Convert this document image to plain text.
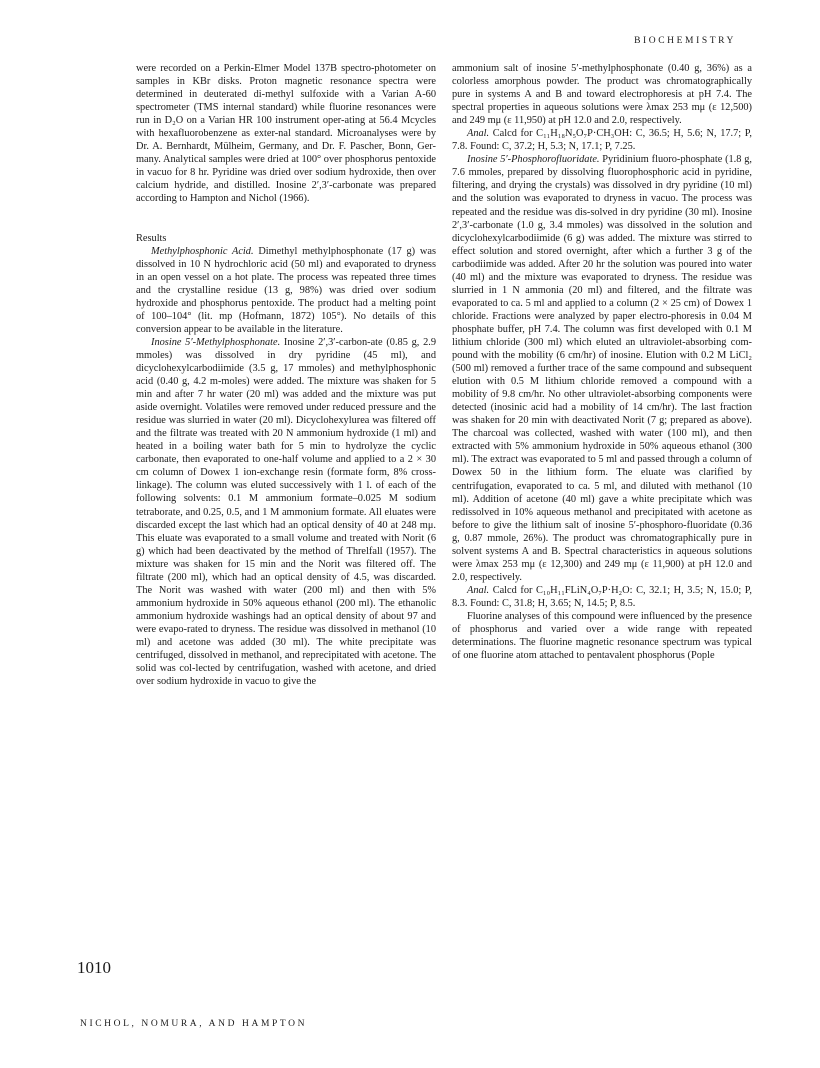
BIOCHEMISTRY

were recorded on a Perkin-Elmer Model 137B spectro-photometer on samples in KBr disks. Proton magnetic resonance spectra were determined in deuterated di-methyl sulfoxide with a Varian A-60 spectrometer (TMS internal standard) while fluorine resonances were run in D₂O on a Varian HR 100 instrument oper-ating at 56.4 Mcycles with hexafluorobenzene as exter-nal standard. Microanalyses were by Dr. A. Bernhardt, Mülheim, Germany, and Dr. F. Pascher, Bonn, Ger-many. Analytical samples were dried at 100° over phosphorus pentoxide in vacuo for 8 hr. Pyridine was dried over sodium hydroxide, then over calcium hydride, and distilled. Inosine 2′,3′-carbonate was prepared according to Hampton and Nichol (1966).

Results

Methylphosphonic Acid. Dimethyl methylphosphonate (17 g) was dissolved in 10 N hydrochloric acid (50 ml) and evaporated to dryness in an open vessel on a hot plate. The process was repeated three times and the crystalline residue (13 g, 98%) was dried over sodium hydroxide and phosphorus pentoxide. The product had a melting point of 100–104° (lit. mp (Hofmann, 1872) 105°). No details of this conversion appear to be available in the literature.

Inosine 5′-Methylphosphonate. Inosine 2′,3′-carbon-ate (0.85 g, 2.9 mmoles) was dissolved in dry pyridine (45 ml), and dicyclohexylcarbodiimide (3.5 g, 17 mmoles) and methylphosphonic acid (0.40 g, 4.2 m-moles) were added. The mixture was shaken for 5 min and after 7 hr water (20 ml) was added and the mixture was put aside overnight. Volatiles were removed under reduced pressure and the residue was slurried in water (20 ml). Dicyclohexylurea was filtered off and the filtrate was treated with 20 N ammonium hydroxide (1 ml) and heated in a boiling water bath for 5 min to hydrolyze the cyclic carbonate, then evaporated to one-half volume and applied to a 2 × 30 cm column of Dowex 1 ion-exchange resin (formate form, 8% cross-linkage). The column was eluted successively with 1 l. of each of the following solvents: 0.1 M ammonium formate–0.025 M sodium tetraborate, and 0.25, 0.5, and 1 M ammonium formate. All eluates were discarded except the last which had an optical density of 40 at 248 mμ. This eluate was evaporated to a small volume and treated with Norit (6 g) which had been deactivated by the method of Threlfall (1957). The mixture was shaken for 15 min and the Norit was filtered off. The filtrate (200 ml), which had an optical density of 4.5, was discarded. The Norit was washed with water (200 ml) and then with 5% ammonium hydroxide in 50% aqueous ethanol (200 ml). The ethanolic ammonium hydroxide washings had an optical density of about 97 and were evapo-rated to dryness. The residue was dissolved in methanol (10 ml) and acetone was added (30 ml). The white precipitate was centrifuged, dissolved in methanol, and reprecipitated with acetone. The solid was col-lected by centrifugation, washed with acetone, and dried over sodium hydroxide in vacuo to give the

ammonium salt of inosine 5′-methylphosphonate (0.40 g, 36%) as a colorless amorphous powder. The product was chromatographically pure in systems A and B and toward electrophoresis at pH 7.4. The spectral properties in aqueous solutions were λmax 253 mμ (ε 12,500) and 249 mμ (ε 11,950) at pH 12.0 and 2.0, respectively.

Anal. Calcd for C₁₁H₁₈N₅O₇P·CH₃OH: C, 36.5; H, 5.6; N, 17.7; P, 7.8. Found: C, 37.2; H, 5.3; N, 17.1; P, 7.25.

Inosine 5′-Phosphorofluoridate. Pyridinium fluoro-phosphate (1.8 g, 7.6 mmoles, prepared by dissolving fluorophosphoric acid in pyridine, filtering, and drying the crystals) was dissolved in dry pyridine (10 ml) and the solution was evaporated to dryness in vacuo. The process was repeated and the residue was dis-solved in dry pyridine (30 ml). Inosine 2′,3′-carbonate (1.0 g, 3.4 mmoles) was dissolved in the solution and dicyclohexylcarbodiimide (6 g) was added. The mixture was stirred to effect solution and stored overnight, after which a further 3 g of the carbodiimide was added. After 20 hr the solution was poured into water (40 ml) and the mixture was evaporated to dryness. The residue was slurried in 1 N ammonia (20 ml) and filtered, and the filtrate was evaporated to ca. 5 ml and applied to a column (2 × 25 cm) of Dowex 1 chloride. Fractions were analyzed by paper electro-phoresis in 0.04 M phosphate buffer, pH 7.4. The column was first developed with 0.1 M lithium chloride (300 ml) which eluted an ultraviolet-absorbing com-pound with the mobility (6 cm/hr) of inosine. Elution with 0.2 M LiCl₂ (500 ml) removed a further trace of the same compound and subsequent elution with 0.5 M lithium chloride removed a compound with a mobility of 9.8 cm/hr. No other ultraviolet-absorbing components were detected (inosinic acid had a mobility of 14 cm/hr). The last fraction was shaken for 20 min with deactivated Norit (7 g; prepared as above). The charcoal was collected, washed with water (100 ml), and then extracted with 5% ammonium hydroxide in 50% aqueous ethanol (300 ml). The extract was evaporated to 5 ml and passed through a column of Dowex 50 in the lithium form. The eluate was clarified by centrifugation, evaporated to ca. 5 ml, and diluted with methanol (10 ml). Addition of acetone (40 ml) gave a white precipitate which was redissolved in 10% aqueous methanol and precipitated with acetone as before to give the lithium salt of inosine 5′-phosphoro-fluoridate (0.36 g, 0.87 mmole, 26%). The product was chromatographically pure in solvent systems A and B. Spectral characteristics in aqueous solutions were λmax 253 mμ (ε 12,300) and 249 mμ (ε 11,900) at pH 12.0 and 2.0, respectively.

Anal. Calcd for C₁₀H₁₁FLiN₄O₇P·H₂O: C, 32.1; H, 3.5; N, 15.0; P, 8.3. Found: C, 31.8; H, 3.65; N, 14.5; P, 8.5.

Fluorine analyses of this compound were influenced by the presence of phosphorus and varied over a wide range with repeated determinations. The fluorine magnetic resonance spectrum was typical of one fluorine atom attached to pentavalent phosphorus (Pople

1010
NICHOL, NOMURA, AND HAMPTON
